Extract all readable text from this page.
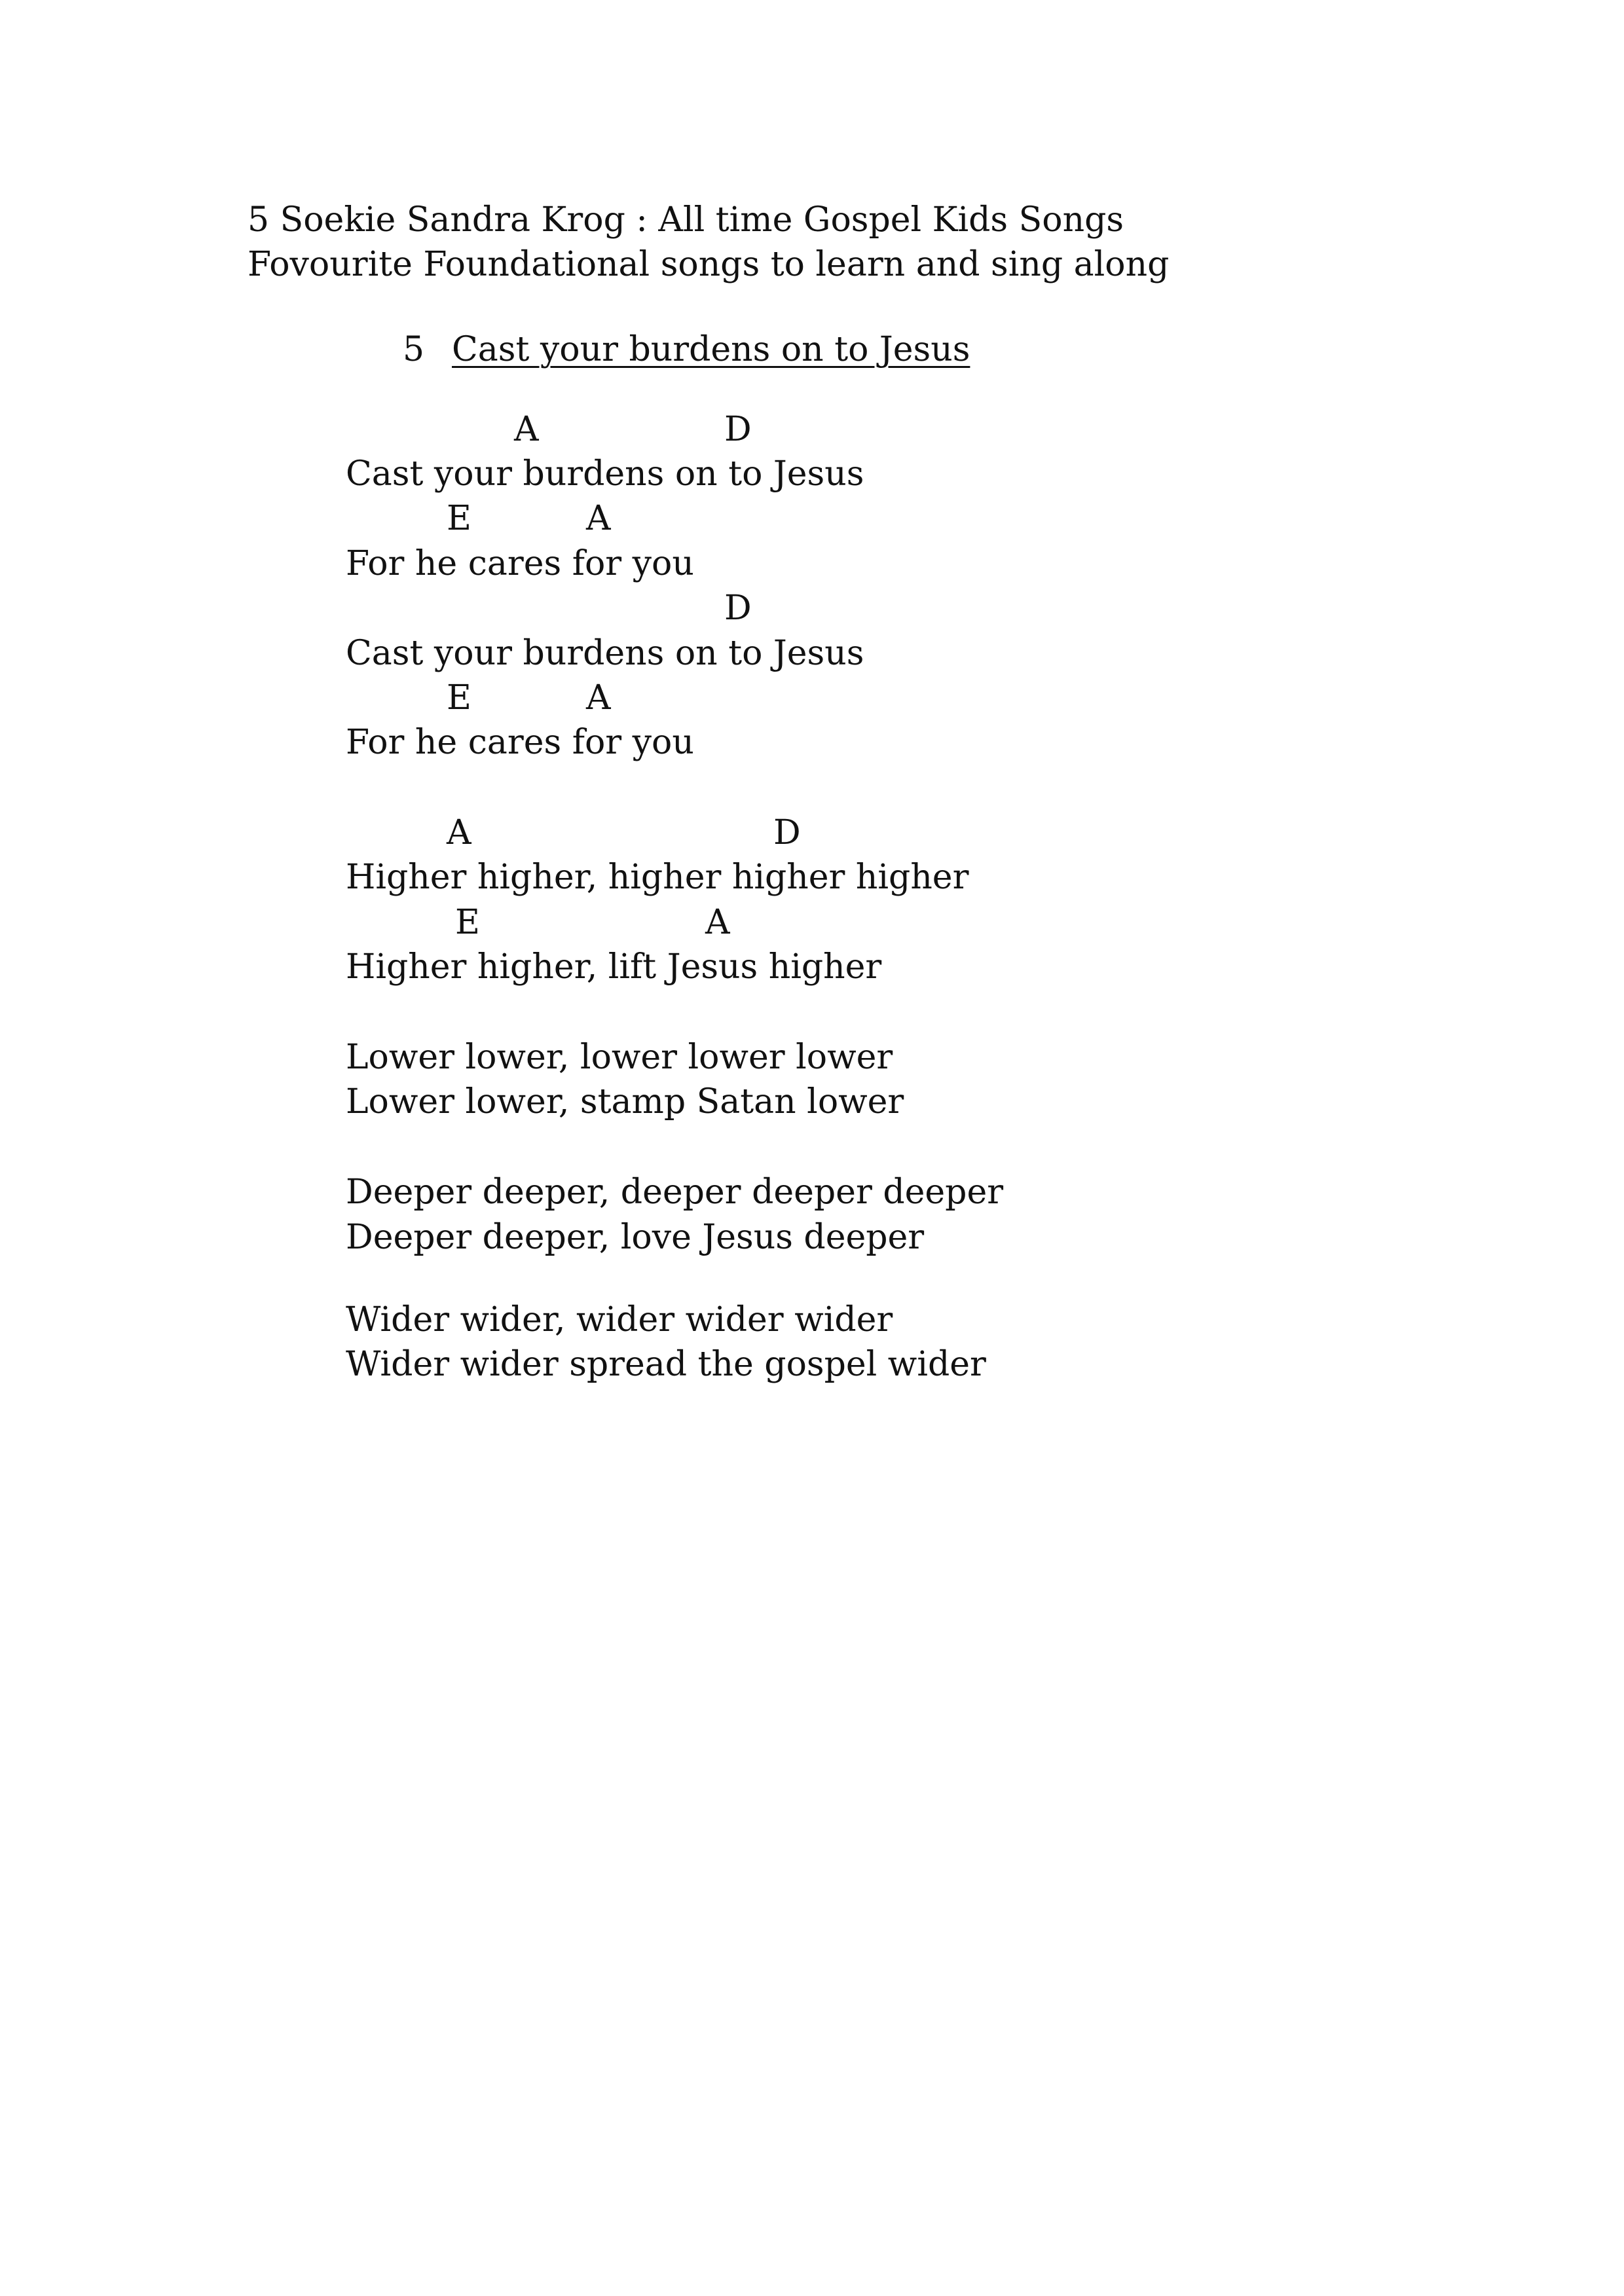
5 Soekie Sandra Krog : All time Gospel Kids Songs

Fovourite Foundational songs to learn and sing along

5 Cast your burdens on to Jesus

A	D

Cast your burdens on to Jesus

E	A

For he cares for you

D

Cast your burdens on to Jesus

E	A

For he cares for you

A	D

Higher higher, higher higher higher

E	A

Higher higher, lift Jesus higher

Lower lower, lower lower lower

Lower lower, stamp Satan lower

Deeper deeper, deeper deeper deeper

Deeper deeper, love Jesus deeper

Wider wider, wider wider wider

Wider wider spread the gospel wider
